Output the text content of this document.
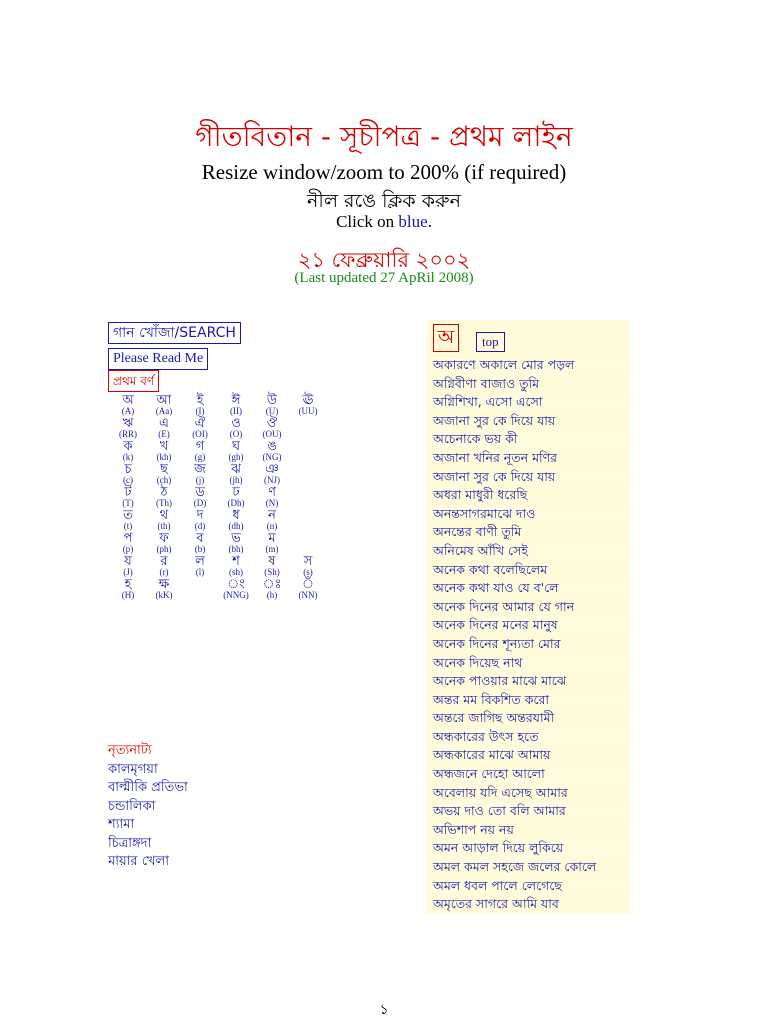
গীতবিতান - সূচীপত্র - প্রথম লাইন
Resize window/zoom to 200% (if required)
নীল রঙে ক্লিক করুন
Click on blue.
২১ ফেব্রুয়ারি ২০০২
(Last updated 27 ApRil 2008)
গান খোঁজা/SEARCH
Please Read Me
প্রথম বর্ণ
অ
(A)
আ
(Aa)
ই
(I)
ঈ
(II)
উ
(U)
ঊ
(UU)
ঋ
(RR)
এ
(E)
ঐ
(OI)
ও
(O)
ঔ
(OU)
ক
(k)
খ
(kh)
গ
(g)
ঘ
(gh)
ঙ
(NG)
চ
(c)
ছ
(ch)
জ
(j)
ঝ
(jh)
ঞ
(NJ)
ট
(T)
ঠ
(Th)
ড
(D)
ঢ
(Dh)
ণ
(N)
ত
(t)
থ
(th)
দ
(d)
ধ
(dh)
ন
(n)
প
(p)
ফ
(ph)
ব
(b)
ভ
(bh)
ম
(m)
য
(J)
র
(r)
ল
(l)
শ
(sh)
ষ
(Sh)
স
(s)
হ
(H)
ক্ষ
(kK)
ং
(NNG)
ঃ
(h)
ঁ
(NN)
নৃত্যনাট্য
কালমৃগয়া
বাল্মীকি প্রতিভা
চন্ডালিকা
শ্যামা
চিত্রাঙ্গদা
মায়ার খেলা
অ	top
অকারণে অকালে মোর পড়ল
অগ্নিবীণা বাজাও তুমি
অগ্নিশিখা, এসো এসো
অজানা সুর কে দিয়ে যায়
অচেনাকে ভয় কী
অজানা খনির নূতন মণির
অজানা সুর কে দিয়ে যায়
অধরা মাধুরী ধরেছি
অনন্তসাগরমাঝে দাও
অনন্তের বাণী তুমি
অনিমেষ আঁখি সেই
অনেক কথা বলেছিলেম
অনেক কথা যাও যে ব'লে
অনেক দিনের আমার যে গান
অনেক দিনের মনের মানুষ
অনেক দিনের শূন্যতা মোর
অনেক দিয়েছ নাথ
অনেক পাওয়ার মাঝে মাঝে
অন্তর মম বিকশিত করো
অন্তরে জাগিছ অন্তরযামী
অন্ধকারের উৎস হতে
অন্ধকারের মাঝে আমায়
অন্ধজনে দেহো আলো
অবেলায় যদি এসেছ আমার
অভয় দাও তো বলি আমার
অভিশাপ নয় নয়
অমন আড়াল দিয়ে লুকিয়ে
অমল কমল সহজে জলের কোলে
অমল ধবল পালে লেগেছে
অমৃতের সাগরে আমি যাব
১
